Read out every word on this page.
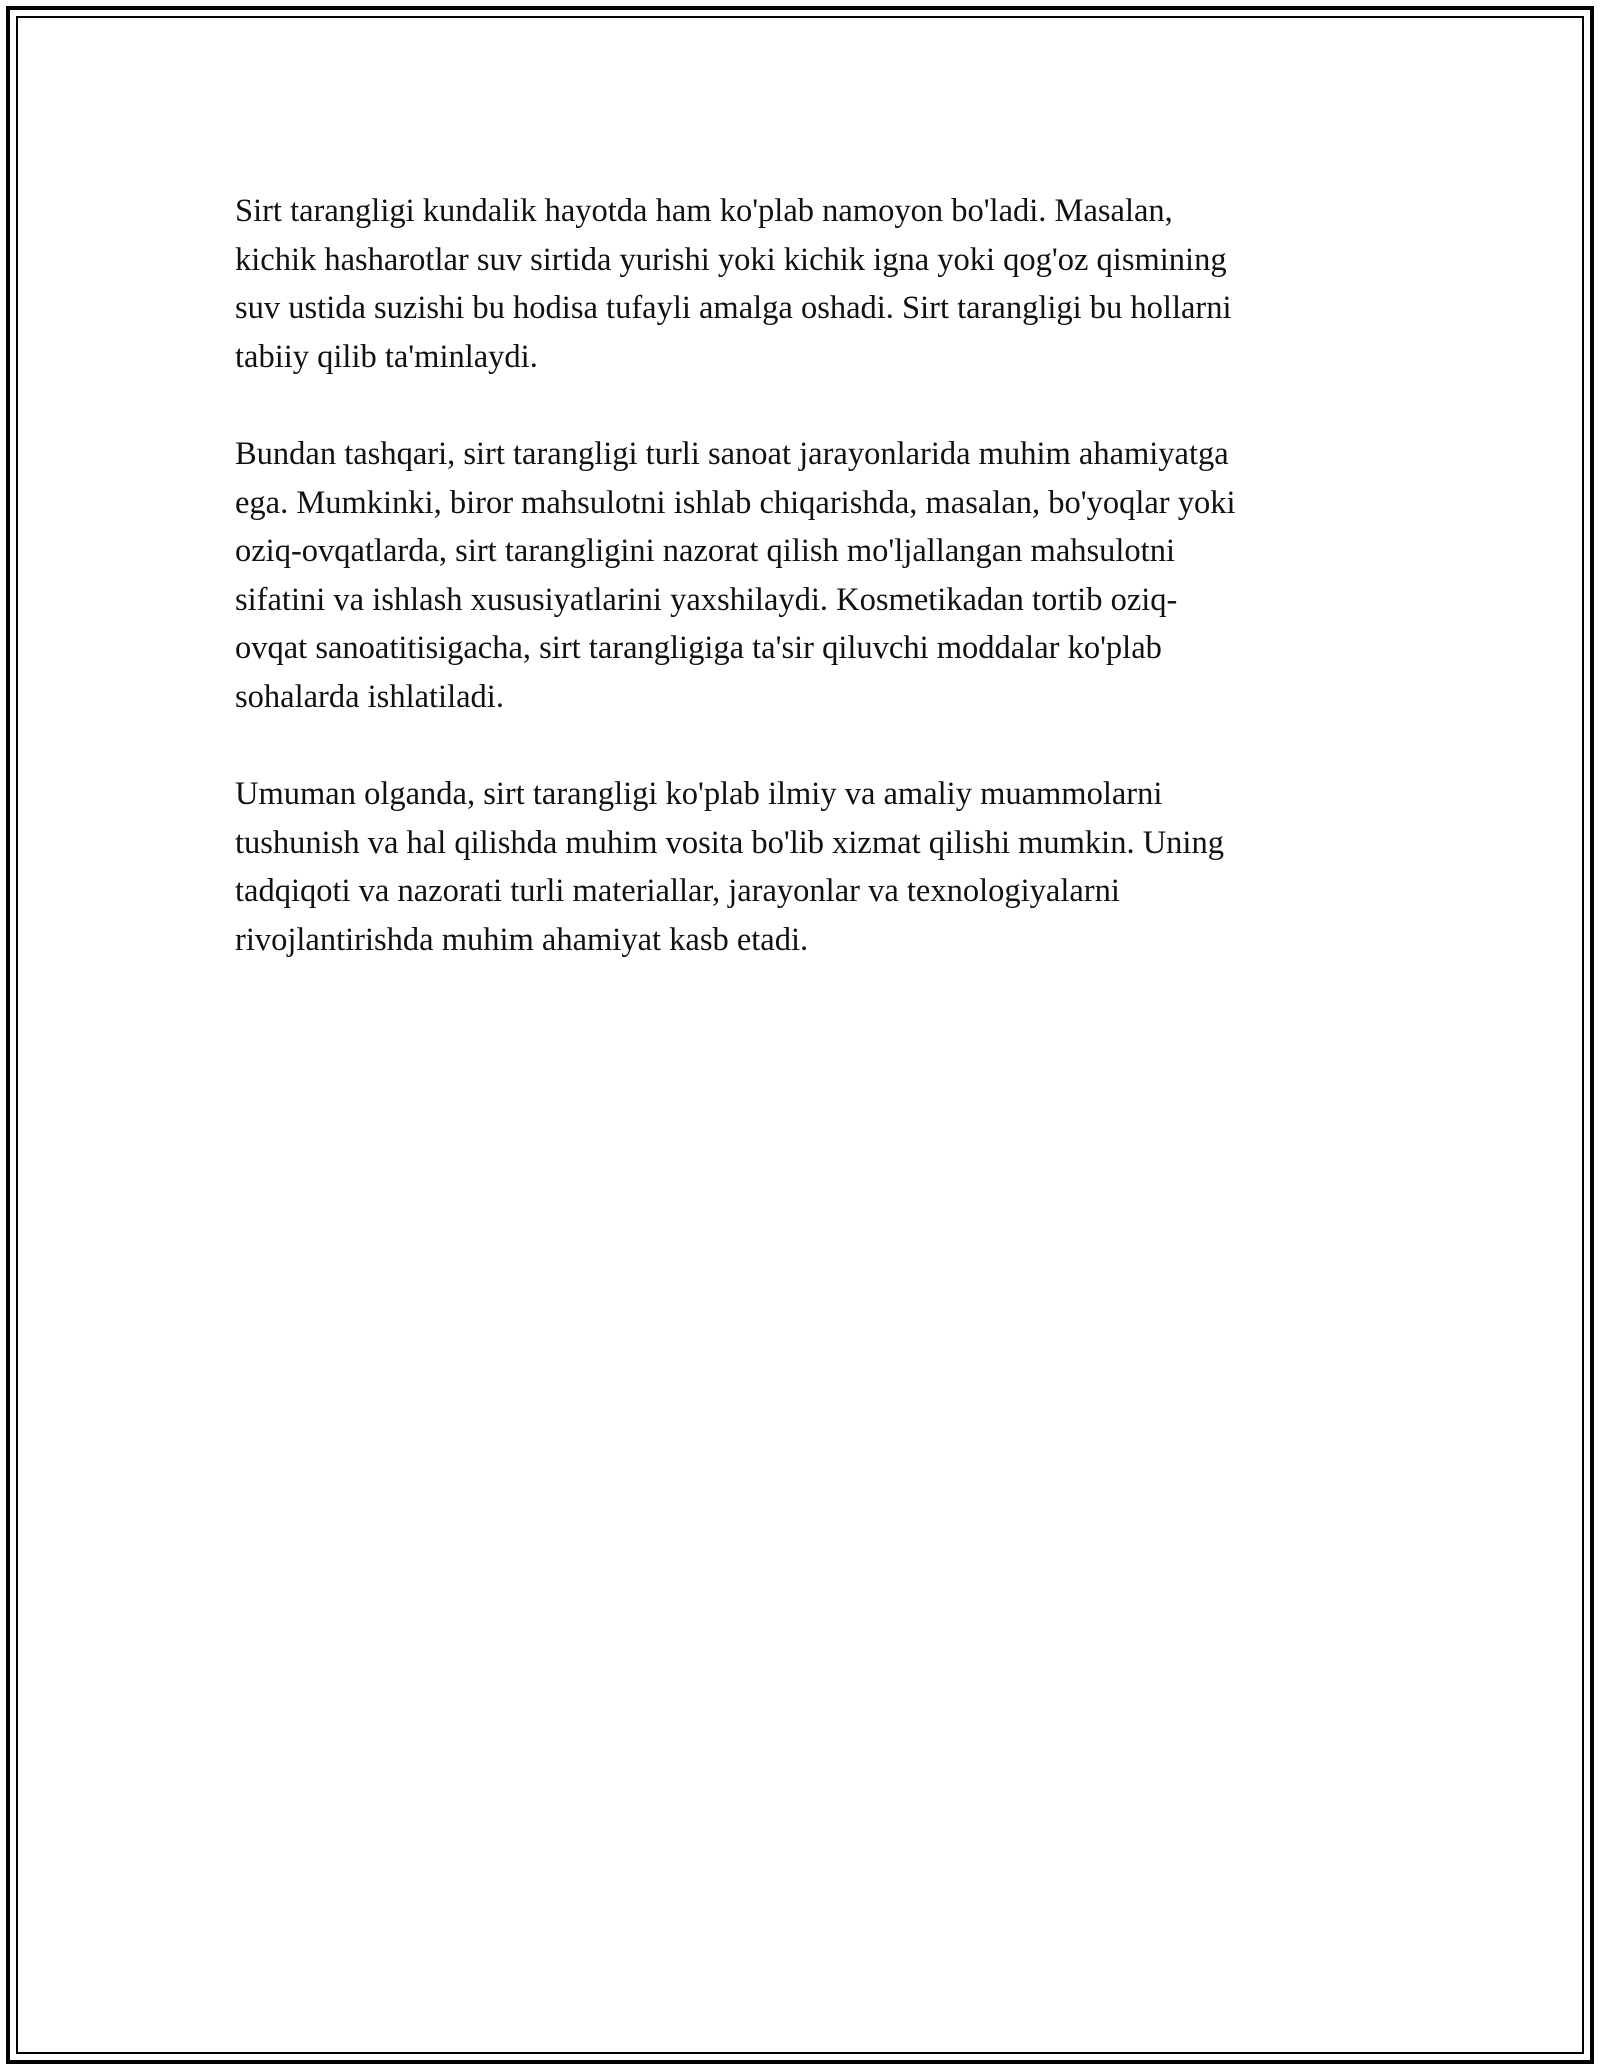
Sirt tarangligi kundalik hayotda ham ko'plab namoyon bo'ladi. Masalan,
kichik hasharotlar suv sirtida yurishi yoki kichik igna yoki qog'oz qismining
suv ustida suzishi bu hodisa tufayli amalga oshadi. Sirt tarangligi bu hollarni
tabiiy qilib ta'minlaydi.

Bundan tashqari, sirt tarangligi turli sanoat jarayonlarida muhim ahamiyatga
ega. Mumkinki, biror mahsulotni ishlab chiqarishda, masalan, bo'yoqlar yoki
oziq-ovqatlarda, sirt tarangligini nazorat qilish mo'ljallangan mahsulotni
sifatini va ishlash xususiyatlarini yaxshilaydi. Kosmetikadan tortib oziq-
ovqat sanoatitisigacha, sirt tarangligiga ta'sir qiluvchi moddalar ko'plab
sohalarda ishlatiladi.

Umuman olganda, sirt tarangligi ko'plab ilmiy va amaliy muammolarni
tushunish va hal qilishda muhim vosita bo'lib xizmat qilishi mumkin. Uning
tadqiqoti va nazorati turli materiallar, jarayonlar va texnologiyalarni
rivojlantirishda muhim ahamiyat kasb etadi.
